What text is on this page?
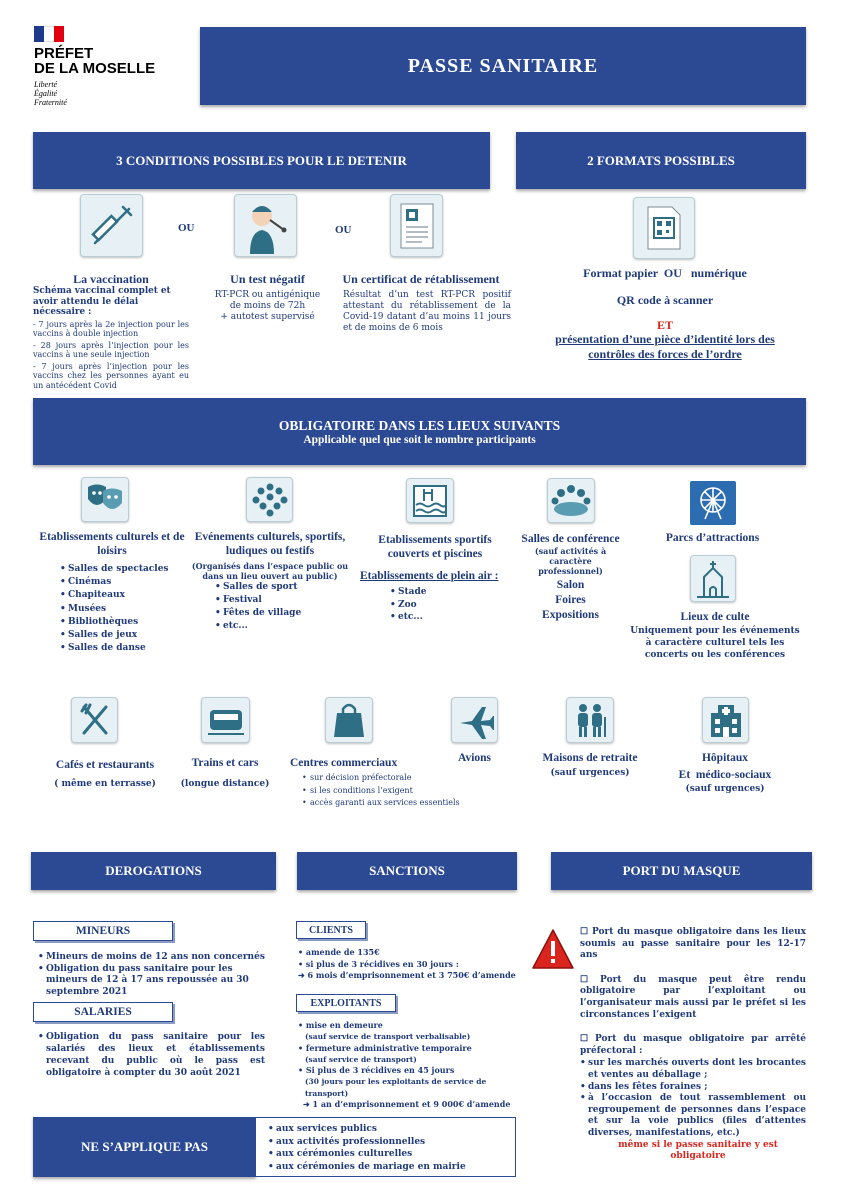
PRÉFET
DE LA MOSELLE
Liberté
Égalité
Fraternité
PASSE SANITAIRE
3 CONDITIONS POSSIBLES POUR LE DETENIR	2 FORMATS POSSIBLES
OU	OU
La vaccination
Schéma vaccinal complet et avoir attendu le délai nécessaire :
- 7 jours après la 2e injection pour les vaccins à double injection
- 28 jours après l’injection pour les vaccins à une seule injection
- 7 jours après l’injection pour les vaccins chez les personnes ayant eu un antécédent Covid
Un test négatif
RT-PCR ou antigénique
de moins de 72h
+ autotest supervisé
Un certificat de rétablissement
Résultat d’un test RT-PCR positif attestant du rétablissement de la Covid-19 datant d’au moins 11 jours et de moins de 6 mois
Format papier  OU   numérique
QR code à scanner
ET
présentation d’une pièce d’identité lors des
contrôles des forces de l’ordre
OBLIGATOIRE DANS LES LIEUX SUIVANTS
Applicable quel que soit le nombre participants
Etablissements culturels et de loisirs
• Salles de spectacles
• Cinémas
• Chapiteaux
• Musées
• Bibliothèques
• Salles de jeux
• Salles de danse
Evénements culturels, sportifs, ludiques ou festifs
(Organisés dans l’espace public ou dans un lieu ouvert au public)
• Salles de sport
• Festival
• Fêtes de village
• etc...
Etablissements sportifs couverts et piscines
Etablissements de plein air :
• Stade
• Zoo
• etc...
Salles de conférence
(sauf activités à caractère professionnel)
Salon
Foires
Expositions
Parcs d’attractions
Lieux de culte
Uniquement pour les événements à caractère culturel tels les concerts ou les conférences
Cafés et restaurants
( même en terrasse)
Trains et cars
(longue distance)
Centres commerciaux
• sur décision préfectorale
• si les conditions l’exigent
• accès garanti aux services essentiels
Avions	Maisons de retraite
(sauf urgences)
Hôpitaux
Et  médico-sociaux
(sauf urgences)
DEROGATIONS	SANCTIONS	PORT DU MASQUE
MINEURS
• Mineurs de moins de 12 ans non concernés
• Obligation du pass sanitaire pour les mineurs de 12 à 17 ans repoussée au 30 septembre 2021
SALARIES
• Obligation du pass sanitaire pour les salariés des lieux et établissements recevant du public où le pass est obligatoire à compter du 30 août 2021
CLIENTS
• amende de 135€
• si plus de 3 récidives en 30 jours :
➜ 6 mois d’emprisonnement et 3 750€ d’amende
EXPLOITANTS
• mise en demeure
(sauf service de transport verbalisable)
• fermeture administrative temporaire
(sauf service de transport)
• Si plus de 3 récidives en 45 jours
(30 jours pour les exploitants de service de transport)
➜ 1 an d’emprisonnement et 9 000€ d’amende
☐ Port du masque obligatoire dans les lieux soumis au passe sanitaire pour les 12-17 ans
☐ Port du masque peut être rendu obligatoire par l’exploitant ou l’organisateur mais aussi par le préfet si les circonstances l’exigent
☐ Port du masque obligatoire par arrêté préfectoral :
• sur les marchés ouverts dont les brocantes et ventes au déballage ;
• dans les fêtes foraines ;
• à l’occasion de tout rassemblement ou regroupement de personnes dans l’espace et sur la voie publics (files d’attentes diverses, manifestations, etc.)
même si le passe sanitaire y est obligatoire
NE S’APPLIQUE PAS
• aux services publics
• aux activités professionnelles
• aux cérémonies culturelles
• aux cérémonies de mariage en mairie
